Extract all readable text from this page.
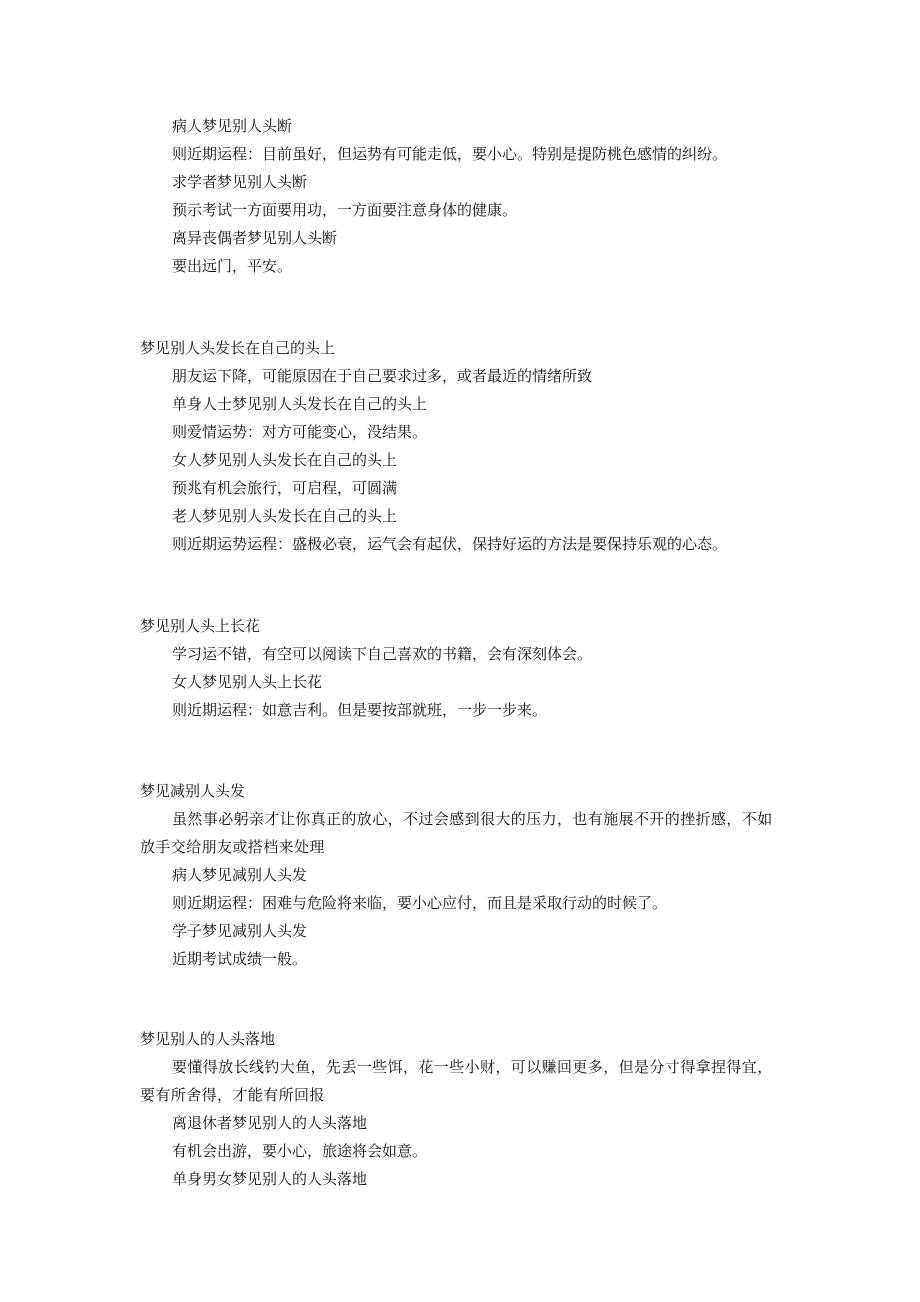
病人梦见别人头断
则近期运程：目前虽好，但运势有可能走低，要小心。特别是提防桃色感情的纠纷。
求学者梦见别人头断
预示考试一方面要用功，一方面要注意身体的健康。
离异丧偶者梦见别人头断
要出远门，平安。
梦见别人头发长在自己的头上
朋友运下降，可能原因在于自己要求过多，或者最近的情绪所致
单身人士梦见别人头发长在自己的头上
则爱情运势：对方可能变心，没结果。
女人梦见别人头发长在自己的头上
预兆有机会旅行，可启程，可圆满
老人梦见别人头发长在自己的头上
则近期运势运程：盛极必衰，运气会有起伏，保持好运的方法是要保持乐观的心态。
梦见别人头上长花
学习运不错，有空可以阅读下自己喜欢的书籍，会有深刻体会。
女人梦见别人头上长花
则近期运程：如意吉利。但是要按部就班，一步一步来。
梦见减别人头发
虽然事必躬亲才让你真正的放心，不过会感到很大的压力，也有施展不开的挫折感，不如放手交给朋友或搭档来处理
病人梦见减别人头发
则近期运程：困难与危险将来临，要小心应付，而且是采取行动的时候了。
学子梦见减别人头发
近期考试成绩一般。
梦见别人的人头落地
要懂得放长线钓大鱼，先丢一些饵，花一些小财，可以赚回更多，但是分寸得拿捏得宜，要有所舍得，才能有所回报
离退休者梦见别人的人头落地
有机会出游，要小心，旅途将会如意。
单身男女梦见别人的人头落地
